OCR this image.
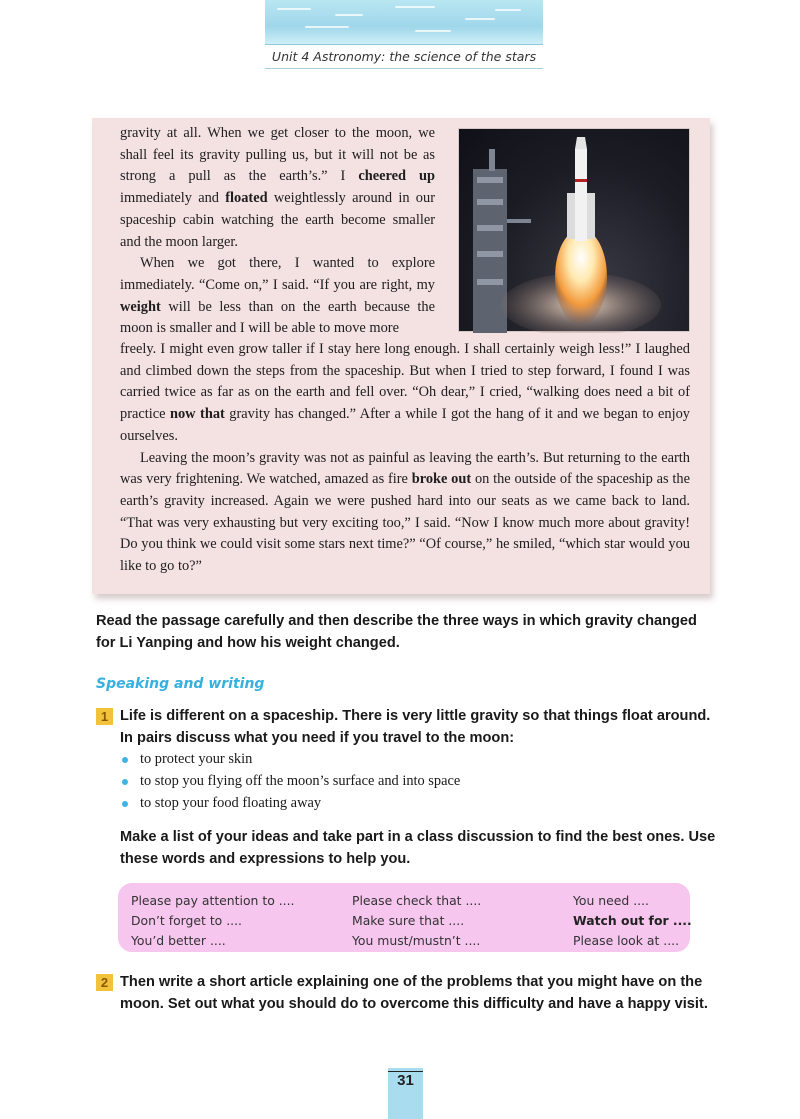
Unit 4 Astronomy: the science of the stars

gravity at all. When we get closer to the moon, we shall feel its gravity pulling us, but it will not be as strong a pull as the earth’s.” I cheered up immediately and floated weightlessly around in our spaceship cabin watching the earth become smaller and the moon larger.

When we got there, I wanted to explore immediately. “Come on,” I said. “If you are right, my weight will be less than on the earth because the moon is smaller and I will be able to move more

freely. I might even grow taller if I stay here long enough. I shall certainly weigh less!” I laughed and climbed down the steps from the spaceship. But when I tried to step forward, I found I was carried twice as far as on the earth and fell over. “Oh dear,” I cried, “walking does need a bit of practice now that gravity has changed.” After a while I got the hang of it and we began to enjoy ourselves.

Leaving the moon’s gravity was not as painful as leaving the earth’s. But returning to the earth was very frightening. We watched, amazed as fire broke out on the outside of the spaceship as the earth’s gravity increased. Again we were pushed hard into our seats as we came back to land. “That was very exhausting but very exciting too,” I said. “Now I know much more about gravity! Do you think we could visit some stars next time?” “Of course,” he smiled, “which star would you like to go to?”

Read the passage carefully and then describe the three ways in which gravity changed for Li Yanping and how his weight changed.
Speaking and writing
1 Life is different on a spaceship. There is very little gravity so that things float around. In pairs discuss what you need if you travel to the moon:
to protect your skin
to stop you flying off the moon’s surface and into space
to stop your food floating away
Make a list of your ideas and take part in a class discussion to find the best ones. Use these words and expressions to help you.
Please pay attention to ....
Don’t forget to ....
You’d better ....
Please check that ....
Make sure that ....
You must/mustn’t ....
You need ....
Watch out for ....
Please look at ....
2 Then write a short article explaining one of the problems that you might have on the moon. Set out what you should do to overcome this difficulty and have a happy visit.
31
